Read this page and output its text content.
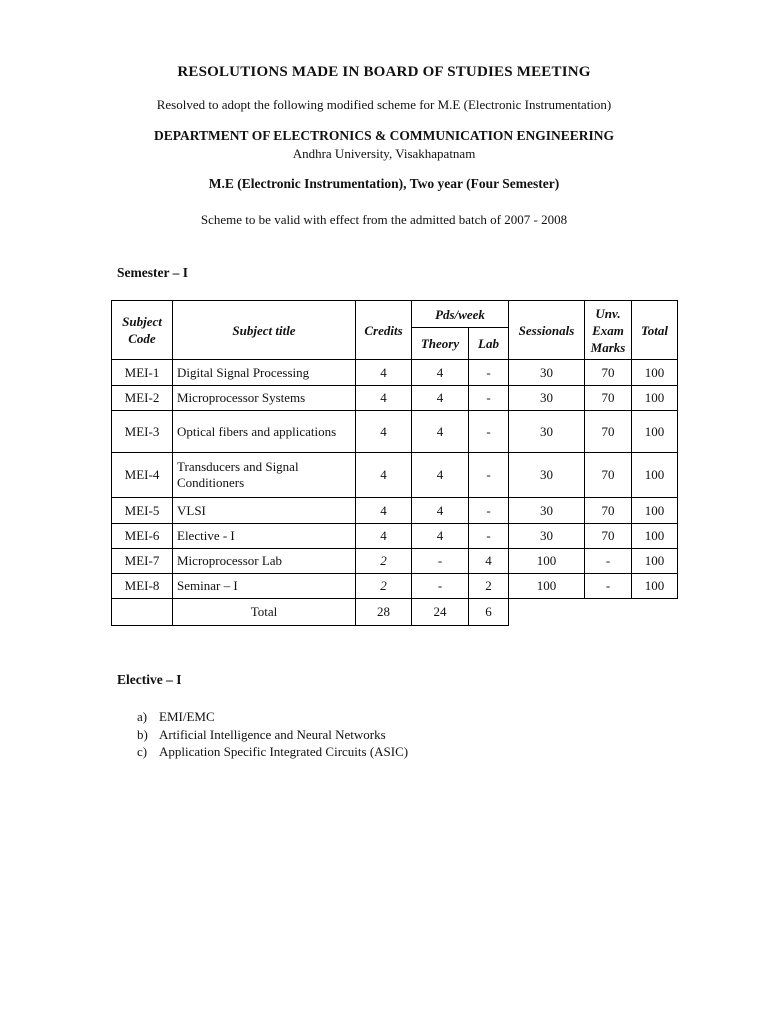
RESOLUTIONS MADE IN BOARD OF STUDIES MEETING
Resolved to adopt the following modified scheme for M.E (Electronic Instrumentation)
DEPARTMENT OF ELECTRONICS & COMMUNICATION ENGINEERING
Andhra University, Visakhapatnam
M.E (Electronic Instrumentation), Two year (Four Semester)
Scheme to be valid with effect from the admitted batch of 2007 - 2008
Semester – I
Subject Code	Subject title	Credits	Pds/week		Sessionals	Unv. Exam Marks	Total
			Theory	Lab			
MEI-1	Digital Signal Processing	4	4	-	30	70	100
MEI-2	Microprocessor Systems	4	4	-	30	70	100
MEI-3	Optical fibers and applications	4	4	-	30	70	100
MEI-4	Transducers and Signal Conditioners	4	4	-	30	70	100
MEI-5	VLSI	4	4	-	30	70	100
MEI-6	Elective - I	4	4	-	30	70	100
MEI-7	Microprocessor Lab	2	-	4	100	-	100
MEI-8	Seminar – I	2	-	2	100	-	100
	Total	28	24	6			
Elective – I
a) EMI/EMC
b) Artificial Intelligence and Neural Networks
c) Application Specific Integrated Circuits (ASIC)
